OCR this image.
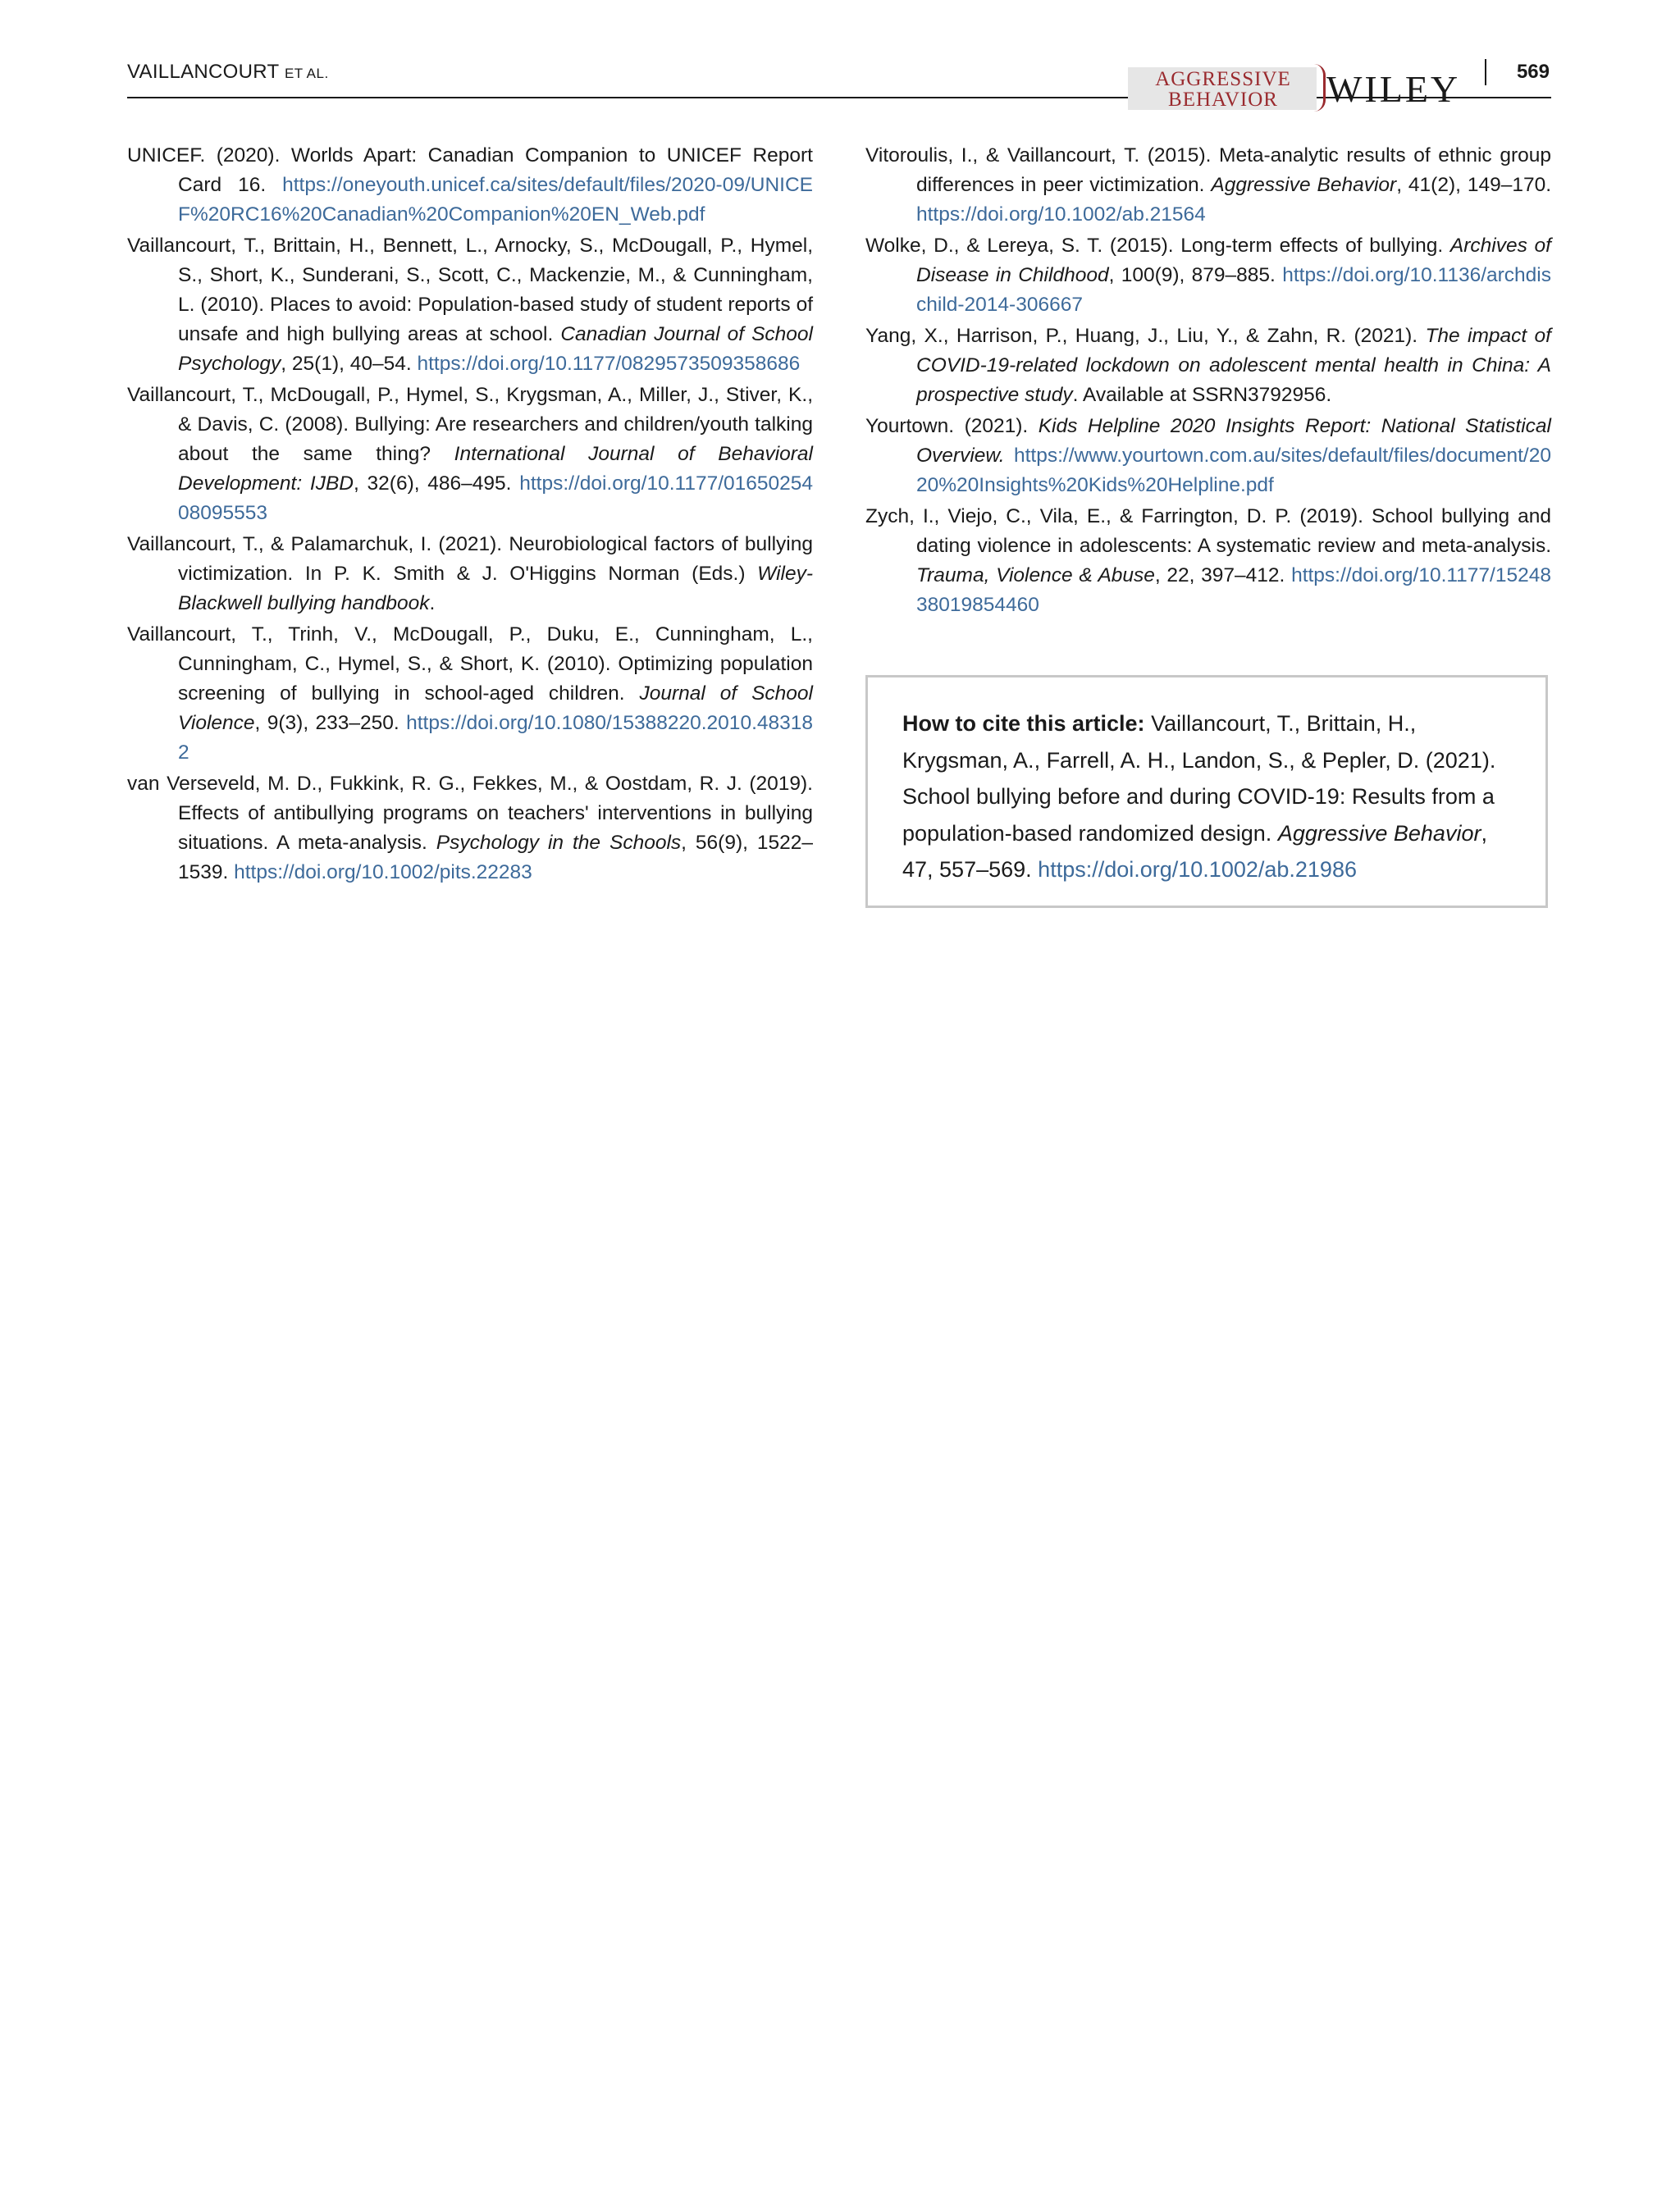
VAILLANCOURT ET AL.	AGGRESSIVE
BEHAVIOR	WILEY	569

UNICEF. (2020). Worlds Apart: Canadian Companion to UNICEF Report Card 16. https://oneyouth.unicef.ca/sites/default/files/2020-09/UNICEF%20RC16%20Canadian%20Companion%20EN_Web.pdf

Vaillancourt, T., Brittain, H., Bennett, L., Arnocky, S., McDougall, P., Hymel, S., Short, K., Sunderani, S., Scott, C., Mackenzie, M., & Cunningham, L. (2010). Places to avoid: Population-based study of student reports of unsafe and high bullying areas at school. Canadian Journal of School Psychology, 25(1), 40–54. https://doi.org/10.1177/0829573509358686

Vaillancourt, T., McDougall, P., Hymel, S., Krygsman, A., Miller, J., Stiver, K., & Davis, C. (2008). Bullying: Are researchers and children/youth talking about the same thing? International Journal of Behavioral Development: IJBD, 32(6), 486–495. https://doi.org/10.1177/0165025408095553

Vaillancourt, T., & Palamarchuk, I. (2021). Neurobiological factors of bullying victimization. In P. K. Smith & J. O'Higgins Norman (Eds.) Wiley-Blackwell bullying handbook.

Vaillancourt, T., Trinh, V., McDougall, P., Duku, E., Cunningham, L., Cunningham, C., Hymel, S., & Short, K. (2010). Optimizing population screening of bullying in school-aged children. Journal of School Violence, 9(3), 233–250. https://doi.org/10.1080/15388220.2010.483182

van Verseveld, M. D., Fukkink, R. G., Fekkes, M., & Oostdam, R. J. (2019). Effects of antibullying programs on teachers' interventions in bullying situations. A meta-analysis. Psychology in the Schools, 56(9), 1522–1539. https://doi.org/10.1002/pits.22283

Vitoroulis, I., & Vaillancourt, T. (2015). Meta-analytic results of ethnic group differences in peer victimization. Aggressive Behavior, 41(2), 149–170. https://doi.org/10.1002/ab.21564

Wolke, D., & Lereya, S. T. (2015). Long-term effects of bullying. Archives of Disease in Childhood, 100(9), 879–885. https://doi.org/10.1136/archdischild-2014-306667

Yang, X., Harrison, P., Huang, J., Liu, Y., & Zahn, R. (2021). The impact of COVID-19-related lockdown on adolescent mental health in China: A prospective study. Available at SSRN3792956.

Yourtown. (2021). Kids Helpline 2020 Insights Report: National Statistical Overview. https://www.yourtown.com.au/sites/default/files/document/2020%20Insights%20Kids%20Helpline.pdf

Zych, I., Viejo, C., Vila, E., & Farrington, D. P. (2019). School bullying and dating violence in adolescents: A systematic review and meta-analysis. Trauma, Violence & Abuse, 22, 397–412. https://doi.org/10.1177/1524838019854460

How to cite this article: Vaillancourt, T., Brittain, H., Krygsman, A., Farrell, A. H., Landon, S., & Pepler, D. (2021). School bullying before and during COVID-19: Results from a population-based randomized design. Aggressive Behavior, 47, 557–569. https://doi.org/10.1002/ab.21986
